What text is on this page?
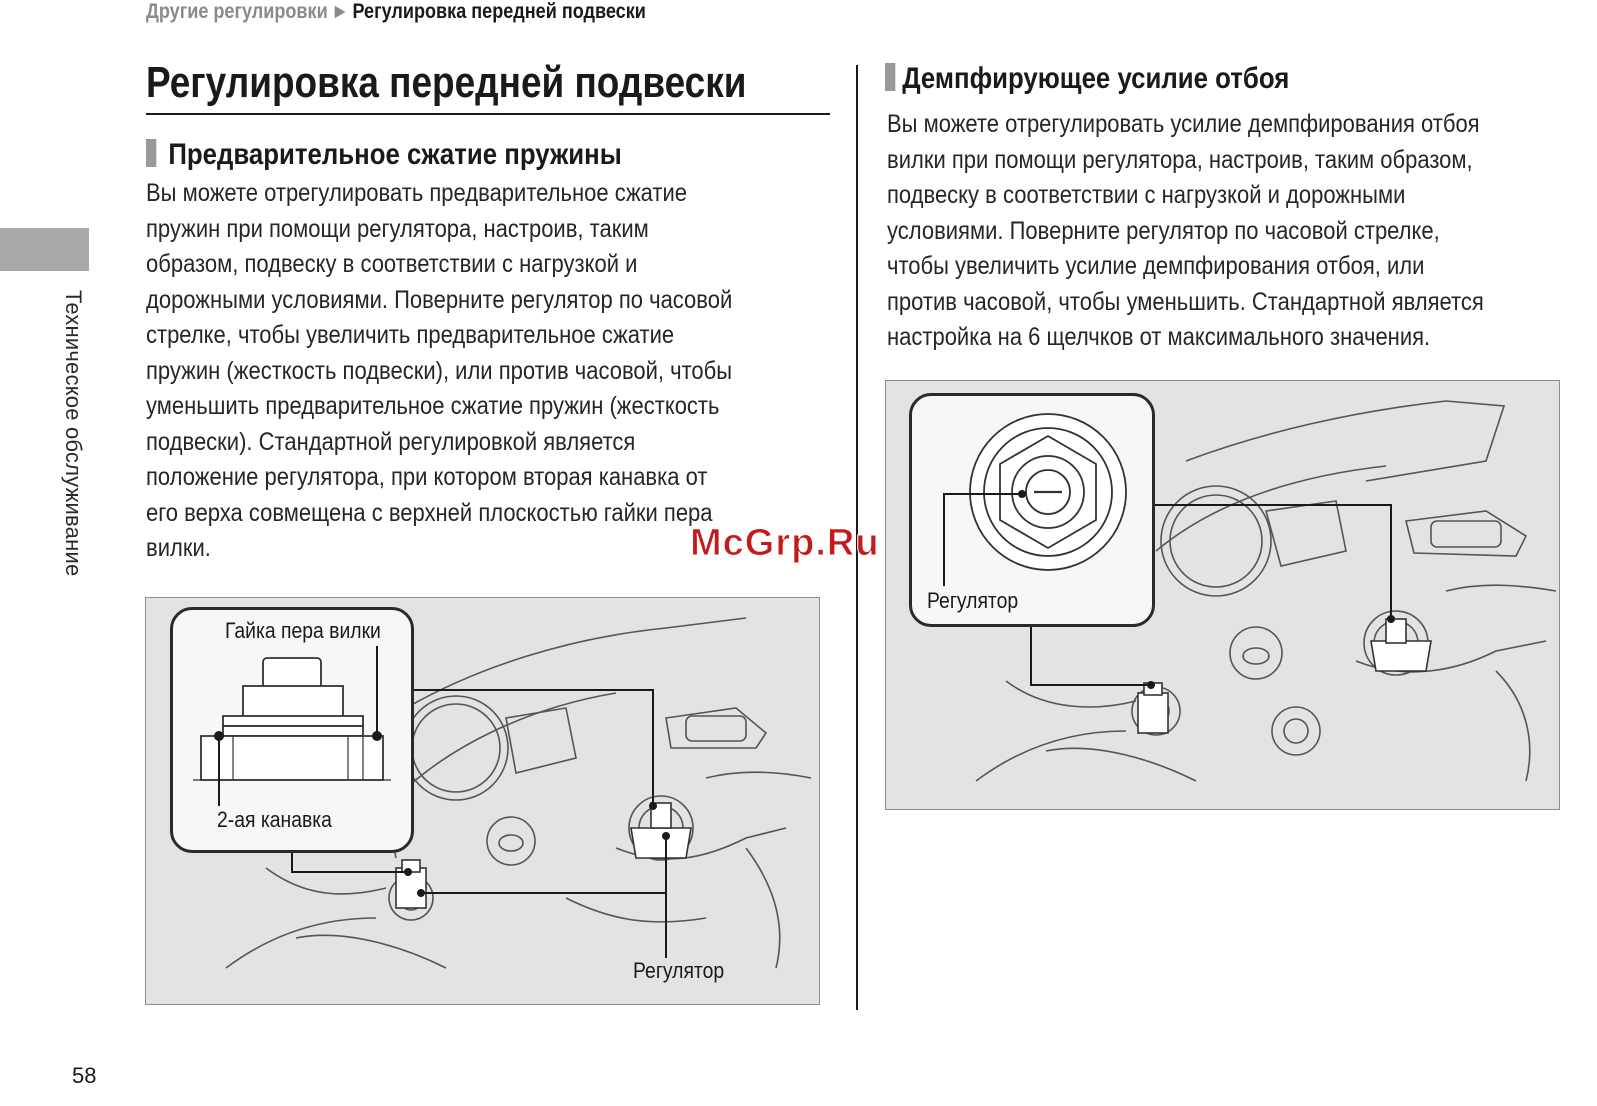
Другие регулировки ► Регулировка передней подвески
Техническое обслуживание
58
Регулировка передней подвески
Предварительное сжатие пружины

Вы можете отрегулировать предварительное сжатие
пружин при помощи регулятора, настроив, таким
образом, подвеску в соответствии с нагрузкой и
дорожными условиями. Поверните регулятор по часовой
стрелке, чтобы увеличить предварительное сжатие
пружин (жесткость подвески), или против часовой, чтобы
уменьшить предварительное сжатие пружин (жесткость
подвески). Стандартной регулировкой является
положение регулятора, при котором вторая канавка от
его верха совмещена с верхней плоскостью гайки пера
вилки.

Демпфирующее усилие отбоя

Вы можете отрегулировать усилие демпфирования отбоя
вилки при помощи регулятора, настроив, таким образом,
подвеску в соответствии с нагрузкой и дорожными
условиями. Поверните регулятор по часовой стрелке,
чтобы увеличить усилие демпфирования отбоя, или
против часовой, чтобы уменьшить. Стандартной является
настройка на 6 щелчков от максимального значения.

Гайка пера вилки
2-ая канавка
Регулятор
Регулятор
McGrp.Ru
